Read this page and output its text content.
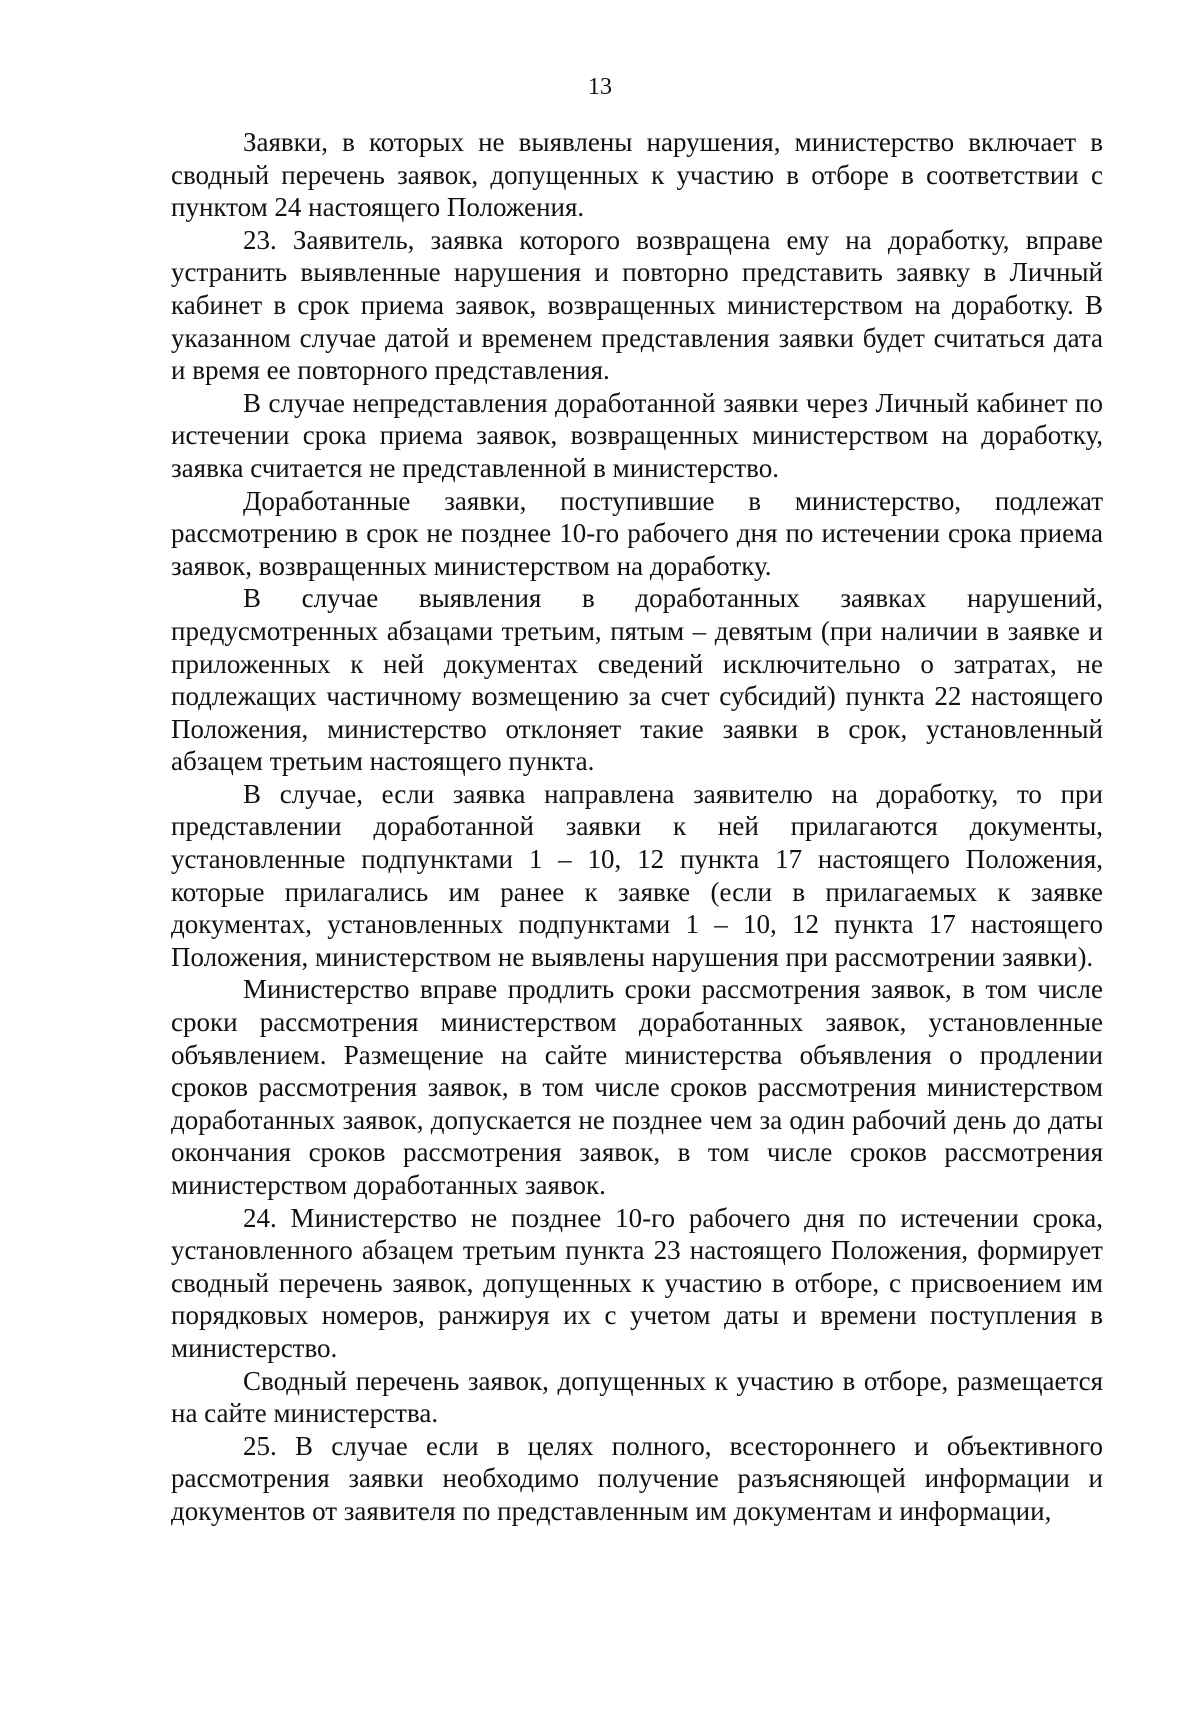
13

Заявки, в которых не выявлены нарушения, министерство включает в сводный перечень заявок, допущенных к участию в отборе в соответствии с пунктом 24 настоящего Положения.

23. Заявитель, заявка которого возвращена ему на доработку, вправе устранить выявленные нарушения и повторно представить заявку в Личный кабинет в срок приема заявок, возвращенных министерством на доработку. В указанном случае датой и временем представления заявки будет считаться дата и время ее повторного представления.

В случае непредставления доработанной заявки через Личный кабинет по истечении срока приема заявок, возвращенных министерством на доработку, заявка считается не представленной в министерство.

Доработанные заявки, поступившие в министерство, подлежат рассмотрению в срок не позднее 10-го рабочего дня по истечении срока приема заявок, возвращенных министерством на доработку.

В случае выявления в доработанных заявках нарушений, предусмотренных абзацами третьим, пятым – девятым (при наличии в заявке и приложенных к ней документах сведений исключительно о затратах, не подлежащих частичному возмещению за счет субсидий) пункта 22 настоящего Положения, министерство отклоняет такие заявки в срок, установленный абзацем третьим настоящего пункта.

В случае, если заявка направлена заявителю на доработку, то при представлении доработанной заявки к ней прилагаются документы, установленные подпунктами 1 – 10, 12 пункта 17 настоящего Положения, которые прилагались им ранее к заявке (если в прилагаемых к заявке документах, установленных подпунктами 1 – 10, 12 пункта 17 настоящего Положения, министерством не выявлены нарушения при рассмотрении заявки).

Министерство вправе продлить сроки рассмотрения заявок, в том числе сроки рассмотрения министерством доработанных заявок, установленные объявлением. Размещение на сайте министерства объявления о продлении сроков рассмотрения заявок, в том числе сроков рассмотрения министерством доработанных заявок, допускается не позднее чем за один рабочий день до даты окончания сроков рассмотрения заявок, в том числе сроков рассмотрения министерством доработанных заявок.

24. Министерство не позднее 10-го рабочего дня по истечении срока, установленного абзацем третьим пункта 23 настоящего Положения, формирует сводный перечень заявок, допущенных к участию в отборе, с присвоением им порядковых номеров, ранжируя их с учетом даты и времени поступления в министерство.

Сводный перечень заявок, допущенных к участию в отборе, размещается на сайте министерства.

25. В случае если в целях полного, всестороннего и объективного рассмотрения заявки необходимо получение разъясняющей информации и документов от заявителя по представленным им документам и информации,
